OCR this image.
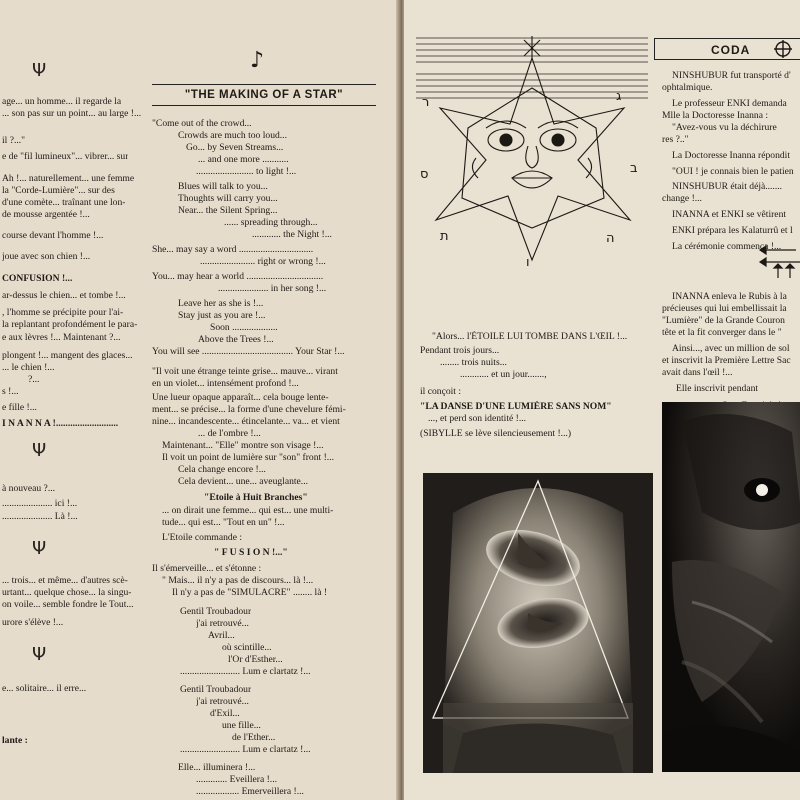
♪
"THE MAKING OF A STAR"
age... un homme... il regarde la
... son pas sur un point... au large !...
il ?..."
e de "fil lumineux"... vibrer... sur
Ah !... naturellement... une femme
la "Corde-Lumière"... sur des
d'une comète... traînant une lon-
de mousse argentée !...
course devant l'homme !...
joue avec son chien !...
CONFUSION !...
ar-dessus le chien... et tombe !...
, l'homme se précipite pour l'ai-
la replantant profondément le para-
e aux lèvres !... Maintenant ?...
plongent !... mangent des glaces...
... le chien !...
?...
s !...
e fille !...
I N A N N A !..........................
à nouveau ?...
..................... ici !...
..................... Là !...
... trois... et même... d'autres scè-
urtant... quelque chose... la singu-
on voile... semble fondre le Tout...
urore s'élève !...
e... solitaire... il erre...
lante :
"Come out of the crowd...
Crowds are much too loud...
Go... by Seven Streams...
... and one more ...........
........................ to light !...
Blues will talk to you...
Thoughts will carry you...
Near... the Silent Spring...
...... spreading through...
............ the Night !...
She... may say a word ...............................
....................... right or wrong !...
You... may hear a world ................................
..................... in her song !...
Leave her as she is !...
Stay just as you are !...
Soon ...................
Above the Trees !...
You will see ...................................... Your Star !...
"Il voit une étrange teinte grise... mauve... virant
en un violet... intensément profond !...
Une lueur opaque apparaît... cela bouge lente-
ment... se précise... la forme d'une chevelure fémi-
nine... incandescente... étincelante... va... et vient
... de l'ombre !...
Maintenant... "Elle" montre son visage !...
Il voit un point de lumière sur "son" front !...
Cela change encore !...
Cela devient... une... aveuglante...
"Etoile à Huit Branches"
... on dirait une femme... qui est... une multi-
tude... qui est... "Tout en un" !...
L'Etoile commande :
" F U S I O N !..."
Il s'émerveille... et s'étonne :
" Mais... il n'y a pas de discours... là !...
Il n'y a pas de "SIMULACRE" ........ là !
Gentil Troubadour
j'ai retrouvé...
Avril...
où scintille...
l'Or d'Esther...
......................... Lum e clartatz !...
Gentil Troubadour
j'ai retrouvé...
d'Exil...
une fille...
de l'Ether...
......................... Lum e clartatz !...
Elle... illuminera !...
............. Eveillera !...
.................. Emerveillera !...
Ψ
Ψ
Ψ
Ψ
ר	ג
ס	ב
ת	ה
ו
CODA
"Alors... l'ÉTOILE LUI TOMBE DANS L'ŒIL !...
Pendant trois jours...
........ trois nuits...
............ et un jour.......,
il conçoit :
"LA DANSE D'UNE LUMIÈRE SANS NOM"
..., et perd son identité !...
(SIBYLLE se lève silencieusement !...)
NINSHUBUR fut transporté d'
ophtalmique.
Le professeur ENKI demanda
Mlle la Doctoresse Inanna :
"Avez-vous vu la déchirure
res ?.."
La Doctoresse Inanna répondit
"OUI ! je connais bien le patien
NINSHUBUR était déjà.......
change !...
INANNA et ENKI se vêtirent
ENKI prépara les Kalaturrû et l
La cérémonie commença !...
INANNA enleva le Rubis à la
précieuses qui lui embellissait la
"Lumière" de la Grande Couron
tête et la fit converger dans le "
Ainsi..., avec un million de sol
et inscrivit la Première Lettre Sac
avait dans l'œil !...
Elle inscrivit pendant
